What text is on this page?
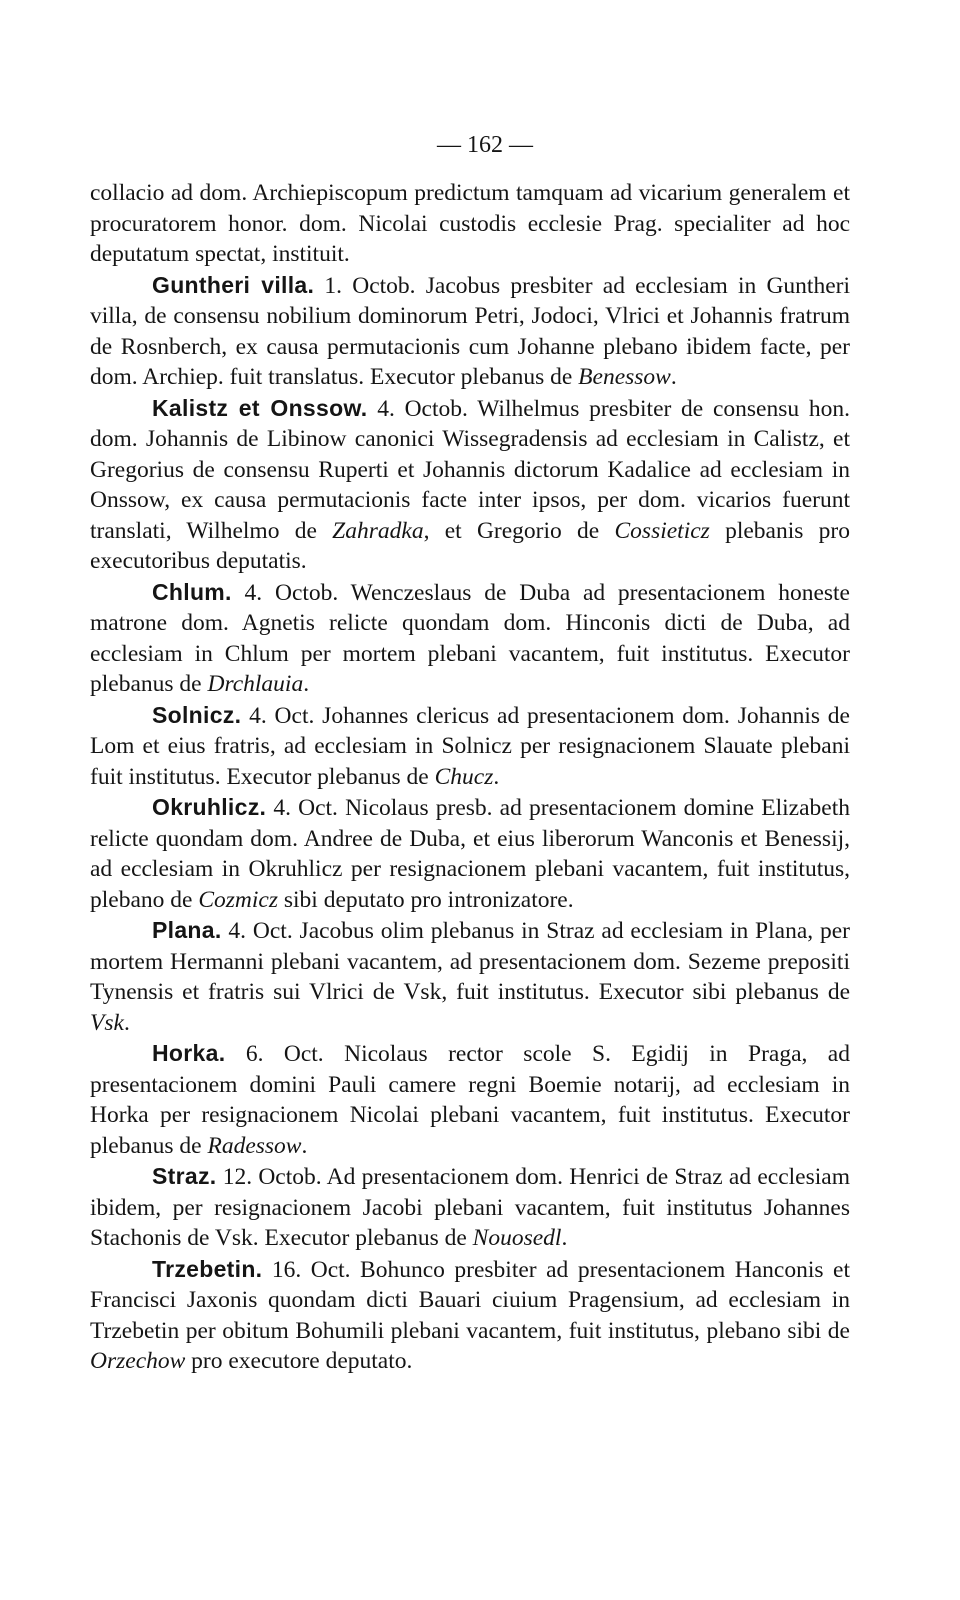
— 162 —

collacio ad dom. Archiepiscopum predictum tamquam ad vicarium generalem et procuratorem honor. dom. Nicolai custodis ecclesie Prag. specialiter ad hoc deputatum spectat, instituit.

Guntheri villa. 1. Octob. Jacobus presbiter ad ecclesiam in Guntheri villa, de consensu nobilium dominorum Petri, Jodoci, Vlrici et Johannis fratrum de Rosnberch, ex causa permutacionis cum Johanne plebano ibidem facte, per dom. Archiep. fuit translatus. Executor plebanus de Benessow.

Kalistz et Onssow. 4. Octob. Wilhelmus presbiter de consensu hon. dom. Johannis de Libinow canonici Wissegradensis ad ecclesiam in Calistz, et Gregorius de consensu Ruperti et Johannis dictorum Kadalice ad ecclesiam in Onssow, ex causa permutacionis facte inter ipsos, per dom. vicarios fuerunt translati, Wilhelmo de Zahradka, et Gregorio de Cossieticz plebanis pro executoribus deputatis.

Chlum. 4. Octob. Wenczeslaus de Duba ad presentacionem honeste matrone dom. Agnetis relicte quondam dom. Hinconis dicti de Duba, ad ecclesiam in Chlum per mortem plebani vacantem, fuit institutus. Executor plebanus de Drchlauia.

Solnicz. 4. Oct. Johannes clericus ad presentacionem dom. Johannis de Lom et eius fratris, ad ecclesiam in Solnicz per resignacionem Slauate plebani fuit institutus. Executor plebanus de Chucz.

Okruhlicz. 4. Oct. Nicolaus presb. ad presentacionem domine Elizabeth relicte quondam dom. Andree de Duba, et eius liberorum Wanconis et Benessij, ad ecclesiam in Okruhlicz per resignacionem plebani vacantem, fuit institutus, plebano de Cozmicz sibi deputato pro intronizatore.

Plana. 4. Oct. Jacobus olim plebanus in Straz ad ecclesiam in Plana, per mortem Hermanni plebani vacantem, ad presentacionem dom. Sezeme prepositi Tynensis et fratris sui Vlrici de Vsk, fuit institutus. Executor sibi plebanus de Vsk.

Horka. 6. Oct. Nicolaus rector scole S. Egidij in Praga, ad presentacionem domini Pauli camere regni Boemie notarij, ad ecclesiam in Horka per resignacionem Nicolai plebani vacantem, fuit institutus. Executor plebanus de Radessow.

Straz. 12. Octob. Ad presentacionem dom. Henrici de Straz ad ecclesiam ibidem, per resignacionem Jacobi plebani vacantem, fuit institutus Johannes Stachonis de Vsk. Executor plebanus de Nouosedl.

Trzebetin. 16. Oct. Bohunco presbiter ad presentacionem Hanconis et Francisci Jaxonis quondam dicti Bauari ciuium Pragensium, ad ecclesiam in Trzebetin per obitum Bohumili plebani vacantem, fuit institutus, plebano sibi de Orzechow pro executore deputato.
